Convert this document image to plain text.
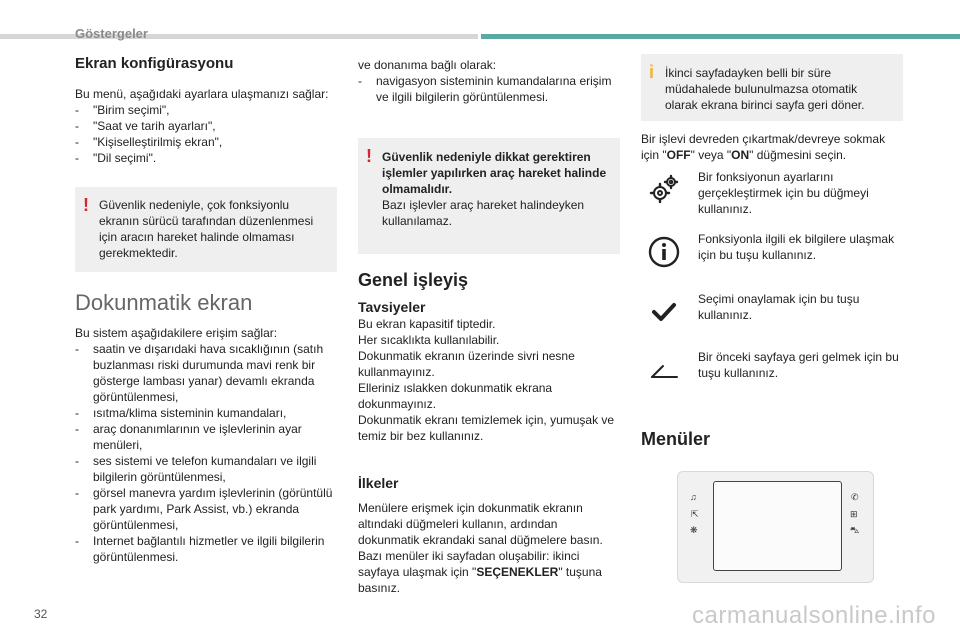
Göstergeler
Ekran konfigürasyonu

Bu menü, aşağıdaki ayarlara ulaşmanızı sağlar:

- "Birim seçimi",
- "Saat ve tarih ayarları",
- "Kişiselleştirilmiş ekran",
- "Dil seçimi".
! Güvenlik nedeniyle, çok fonksiyonlu ekranın sürücü tarafından düzenlenmesi için aracın hareket halinde olmaması gerekmektedir.
Dokunmatik ekran

Bu sistem aşağıdakilere erişim sağlar:

- saatin ve dışarıdaki hava sıcaklığının (satıh buzlanması riski durumunda mavi renk bir gösterge lambası yanar) devamlı ekranda görüntülenmesi,
- ısıtma/klima sisteminin kumandaları,
- araç donanımlarının ve işlevlerinin ayar menüleri,
- ses sistemi ve telefon kumandaları ve ilgili bilgilerin görüntülenmesi,
- görsel manevra yardım işlevlerinin (görüntülü park yardımı, Park Assist, vb.) ekranda görüntülenmesi,
- Internet bağlantılı hizmetler ve ilgili bilgilerin görüntülenmesi.

ve donanıma bağlı olarak:

- navigasyon sisteminin kumandalarına erişim ve ilgili bilgilerin görüntülenmesi.
! Güvenlik nedeniyle dikkat gerektiren işlemler yapılırken araç hareket halinde olmamalıdır.
Bazı işlevler araç hareket halindeyken kullanılamaz.
Genel işleyiş
Tavsiyeler

Bu ekran kapasitif tiptedir.

Her sıcaklıkta kullanılabilir.

Dokunmatik ekranın üzerinde sivri nesne kullanmayınız.

Elleriniz ıslakken dokunmatik ekrana dokunmayınız.

Dokunmatik ekranı temizlemek için, yumuşak ve temiz bir bez kullanınız.

İlkeler

Menülere erişmek için dokunmatik ekranın altındaki düğmeleri kullanın, ardından dokunmatik ekrandaki sanal düğmelere basın.

Bazı menüler iki sayfadan oluşabilir: ikinci sayfaya ulaşmak için "SEÇENEKLER" tuşuna basınız.

i İkinci sayfadayken belli bir süre müdahalede bulunulmazsa otomatik olarak ekrana birinci sayfa geri döner.

Bir işlevi devreden çıkartmak/devreye sokmak için "OFF" veya "ON" düğmesini seçin.

Bir fonksiyonun ayarlarını gerçekleştirmek için bu düğmeyi kullanınız.

Fonksiyonla ilgili ek bilgilere ulaşmak için bu tuşu kullanınız.

Seçimi onaylamak için bu tuşu kullanınız.

Bir önceki sayfaya geri gelmek için bu tuşu kullanınız.

Menüler
♫
⇱
❋
✆
⊞
⛍
32	carmanualsonline.info
